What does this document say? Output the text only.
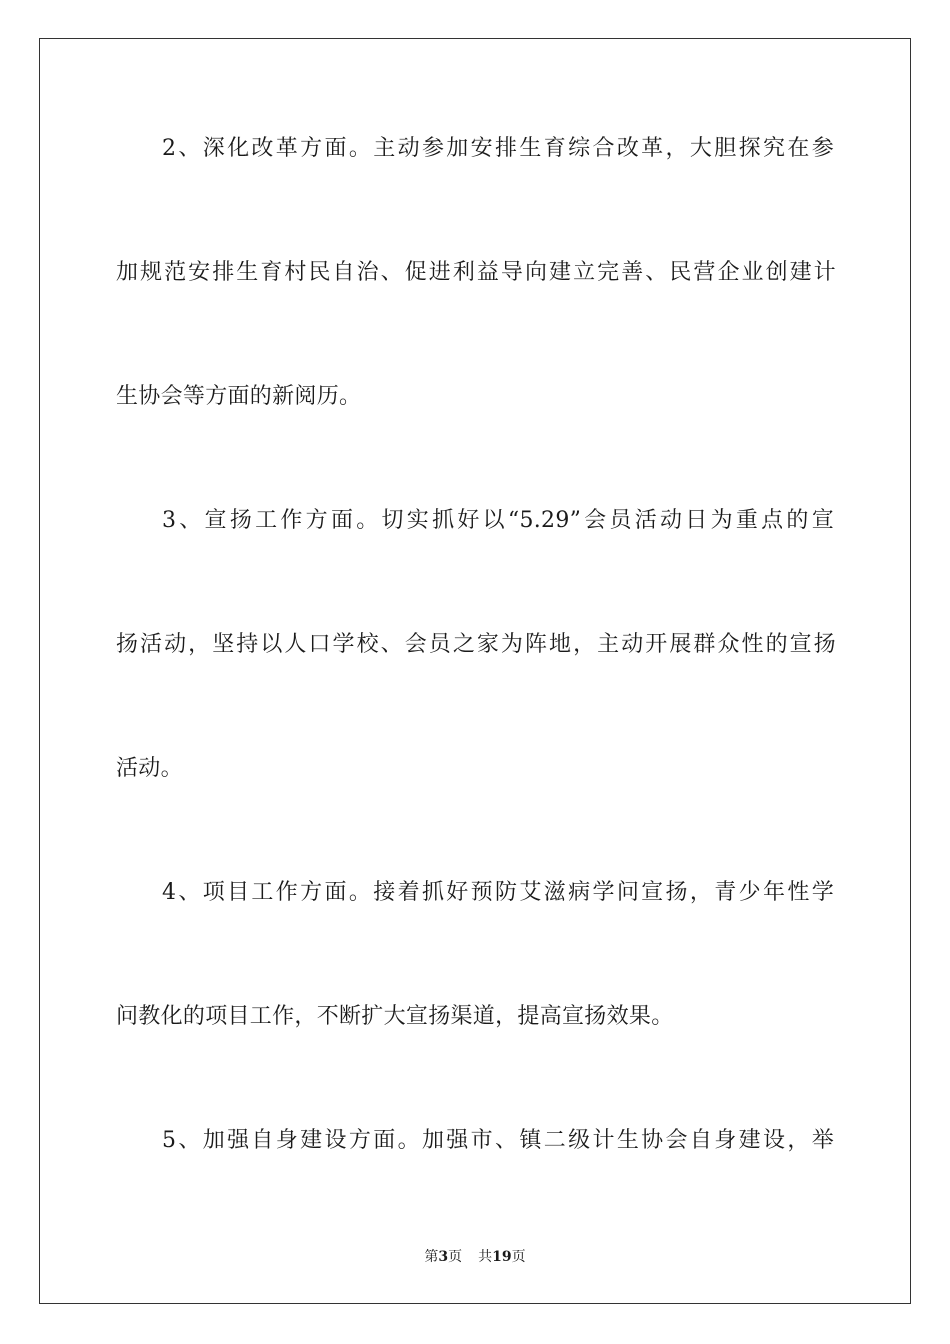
2、深化改革方面。主动参加安排生育综合改革，大胆探究在参
加规范安排生育村民自治、促进利益导向建立完善、民营企业创建计
生协会等方面的新阅历。
3、宣扬工作方面。切实抓好以“5.29”会员活动日为重点的宣
扬活动，坚持以人口学校、会员之家为阵地，主动开展群众性的宣扬
活动。
4、项目工作方面。接着抓好预防艾滋病学问宣扬，青少年性学
问教化的项目工作，不断扩大宣扬渠道，提高宣扬效果。
5、加强自身建设方面。加强市、镇二级计生协会自身建设，举
第3页 共19页
